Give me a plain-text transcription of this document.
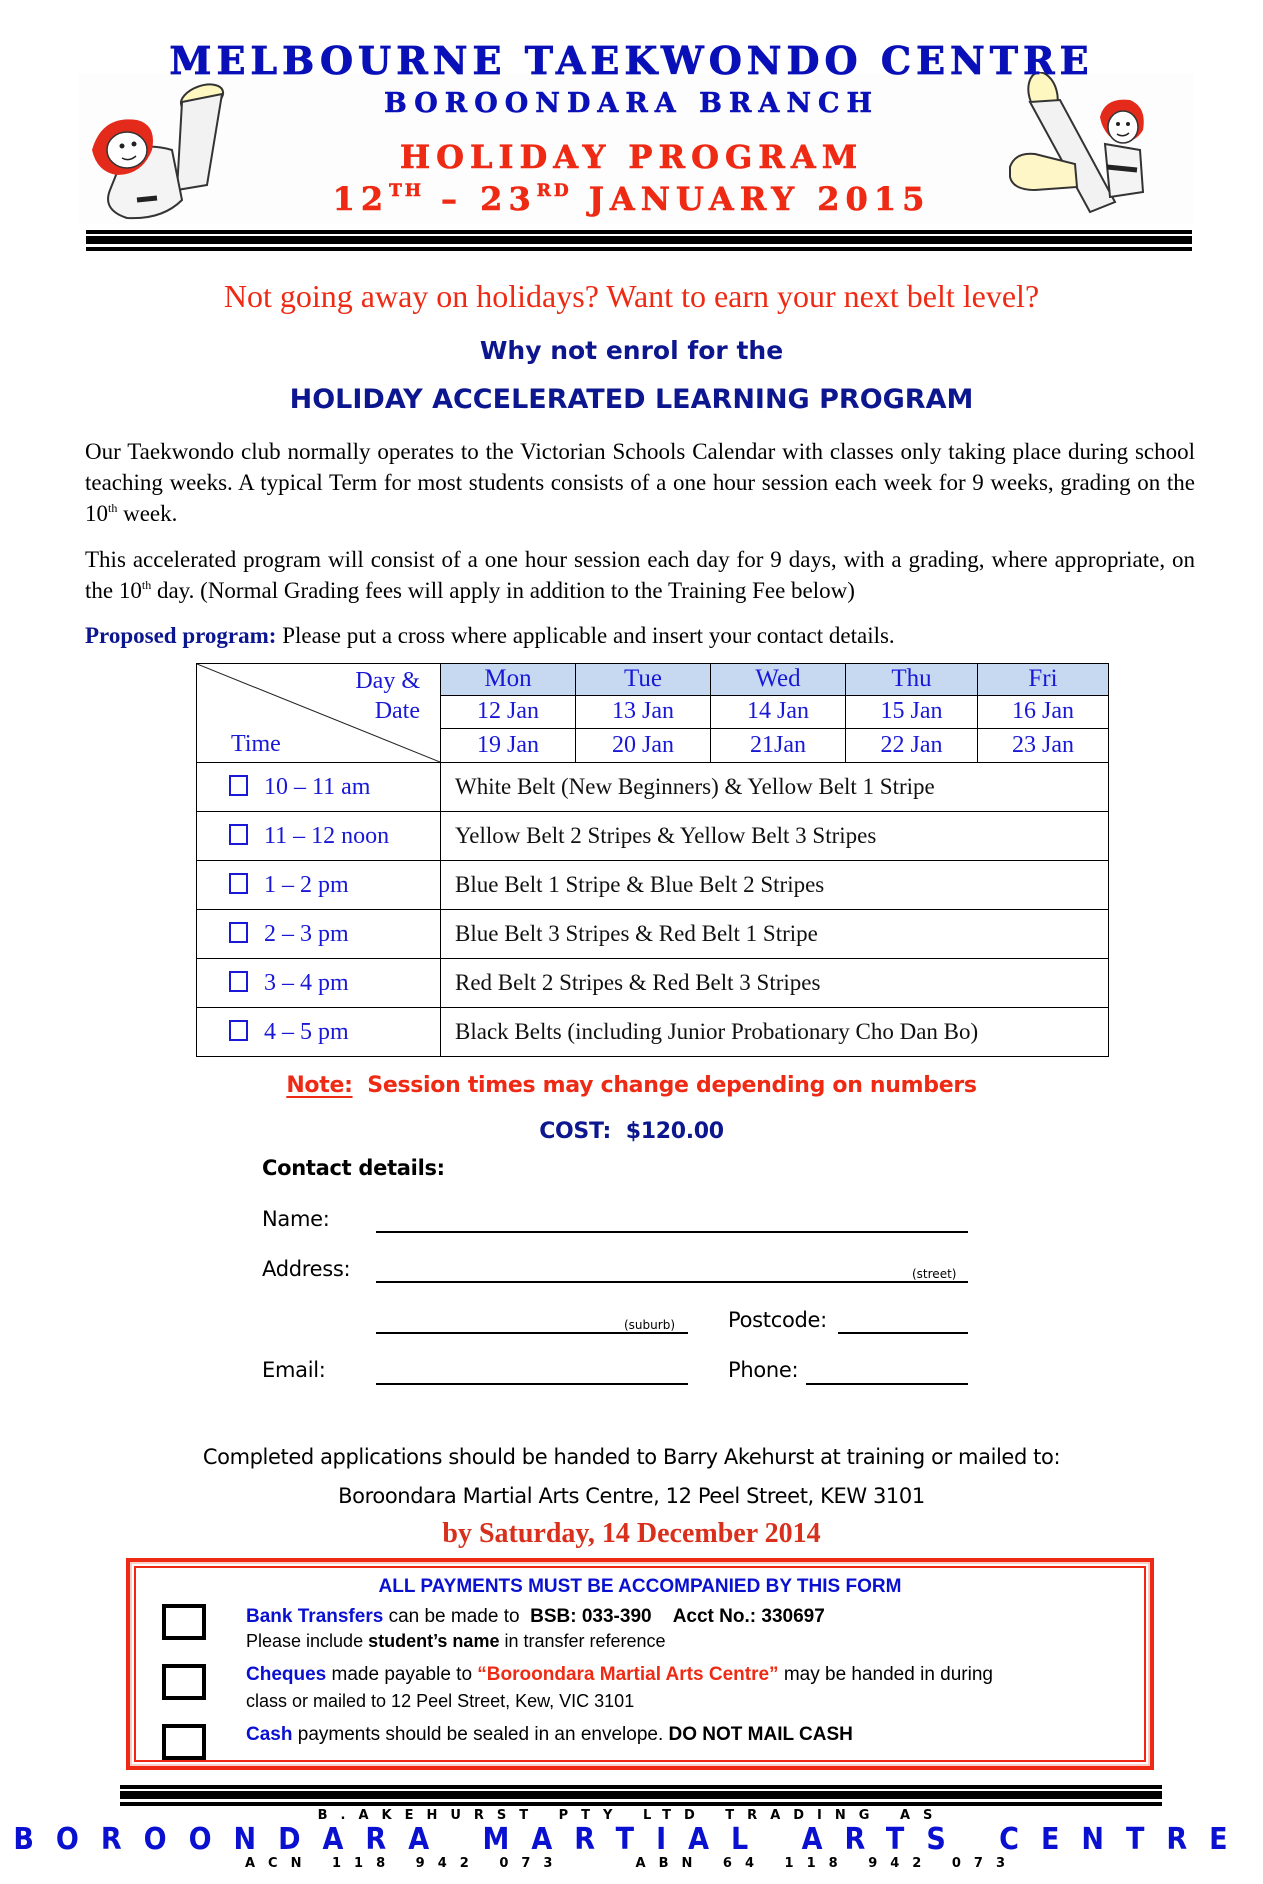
MELBOURNE TAEKWONDO CENTRE
BOROONDARA BRANCH
HOLIDAY PROGRAM
12TH – 23RD JANUARY 2015
Not going away on holidays? Want to earn your next belt level?
Why not enrol for the
HOLIDAY ACCELERATED LEARNING PROGRAM
Our Taekwondo club normally operates to the Victorian Schools Calendar with classes only taking place during school teaching weeks. A typical Term for most students consists of a one hour session each week for 9 weeks, grading on the 10th week.
This accelerated program will consist of a one hour session each day for 9 days, with a grading, where appropriate, on the 10th day. (Normal Grading fees will apply in addition to the Training Fee below)
Proposed program: Please put a cross where applicable and insert your contact details.
Day &
Date
Time	Mon	Tue	Wed	Thu	Fri
	12 Jan	13 Jan	14 Jan	15 Jan	16 Jan
	19 Jan	20 Jan	21Jan	22 Jan	23 Jan
10 – 11 am	White Belt (New Beginners) & Yellow Belt 1 Stripe				
11 – 12 noon	Yellow Belt 2 Stripes & Yellow Belt 3 Stripes				
1 – 2 pm	Blue Belt 1 Stripe & Blue Belt 2 Stripes				
2 – 3 pm	Blue Belt 3 Stripes & Red Belt 1 Stripe				
3 – 4 pm	Red Belt 2 Stripes & Red Belt 3 Stripes				
4 – 5 pm	Black Belts (including Junior Probationary Cho Dan Bo)				
Note:  Session times may change depending on numbers
COST:  $120.00
Contact details:
Name:
Address:	(street)
(suburb)	Postcode:
Email:	Phone:
Completed applications should be handed to Barry Akehurst at training or mailed to:
Boroondara Martial Arts Centre, 12 Peel Street, KEW 3101
by Saturday, 14 December 2014
ALL PAYMENTS MUST BE ACCOMPANIED BY THIS FORM
Bank Transfers can be made to  BSB: 033-390 Acct No.: 330697
Please include student’s name in transfer reference
Cheques made payable to “Boroondara Martial Arts Centre” may be handed in during
class or mailed to 12 Peel Street, Kew, VIC 3101
Cash payments should be sealed in an envelope. DO NOT MAIL CASH
B.AKEHURST PTY LTD TRADING AS
BOROONDARA MARTIAL ARTS CENTRE
ACN 118 942 073    ABN 64 118 942 073
